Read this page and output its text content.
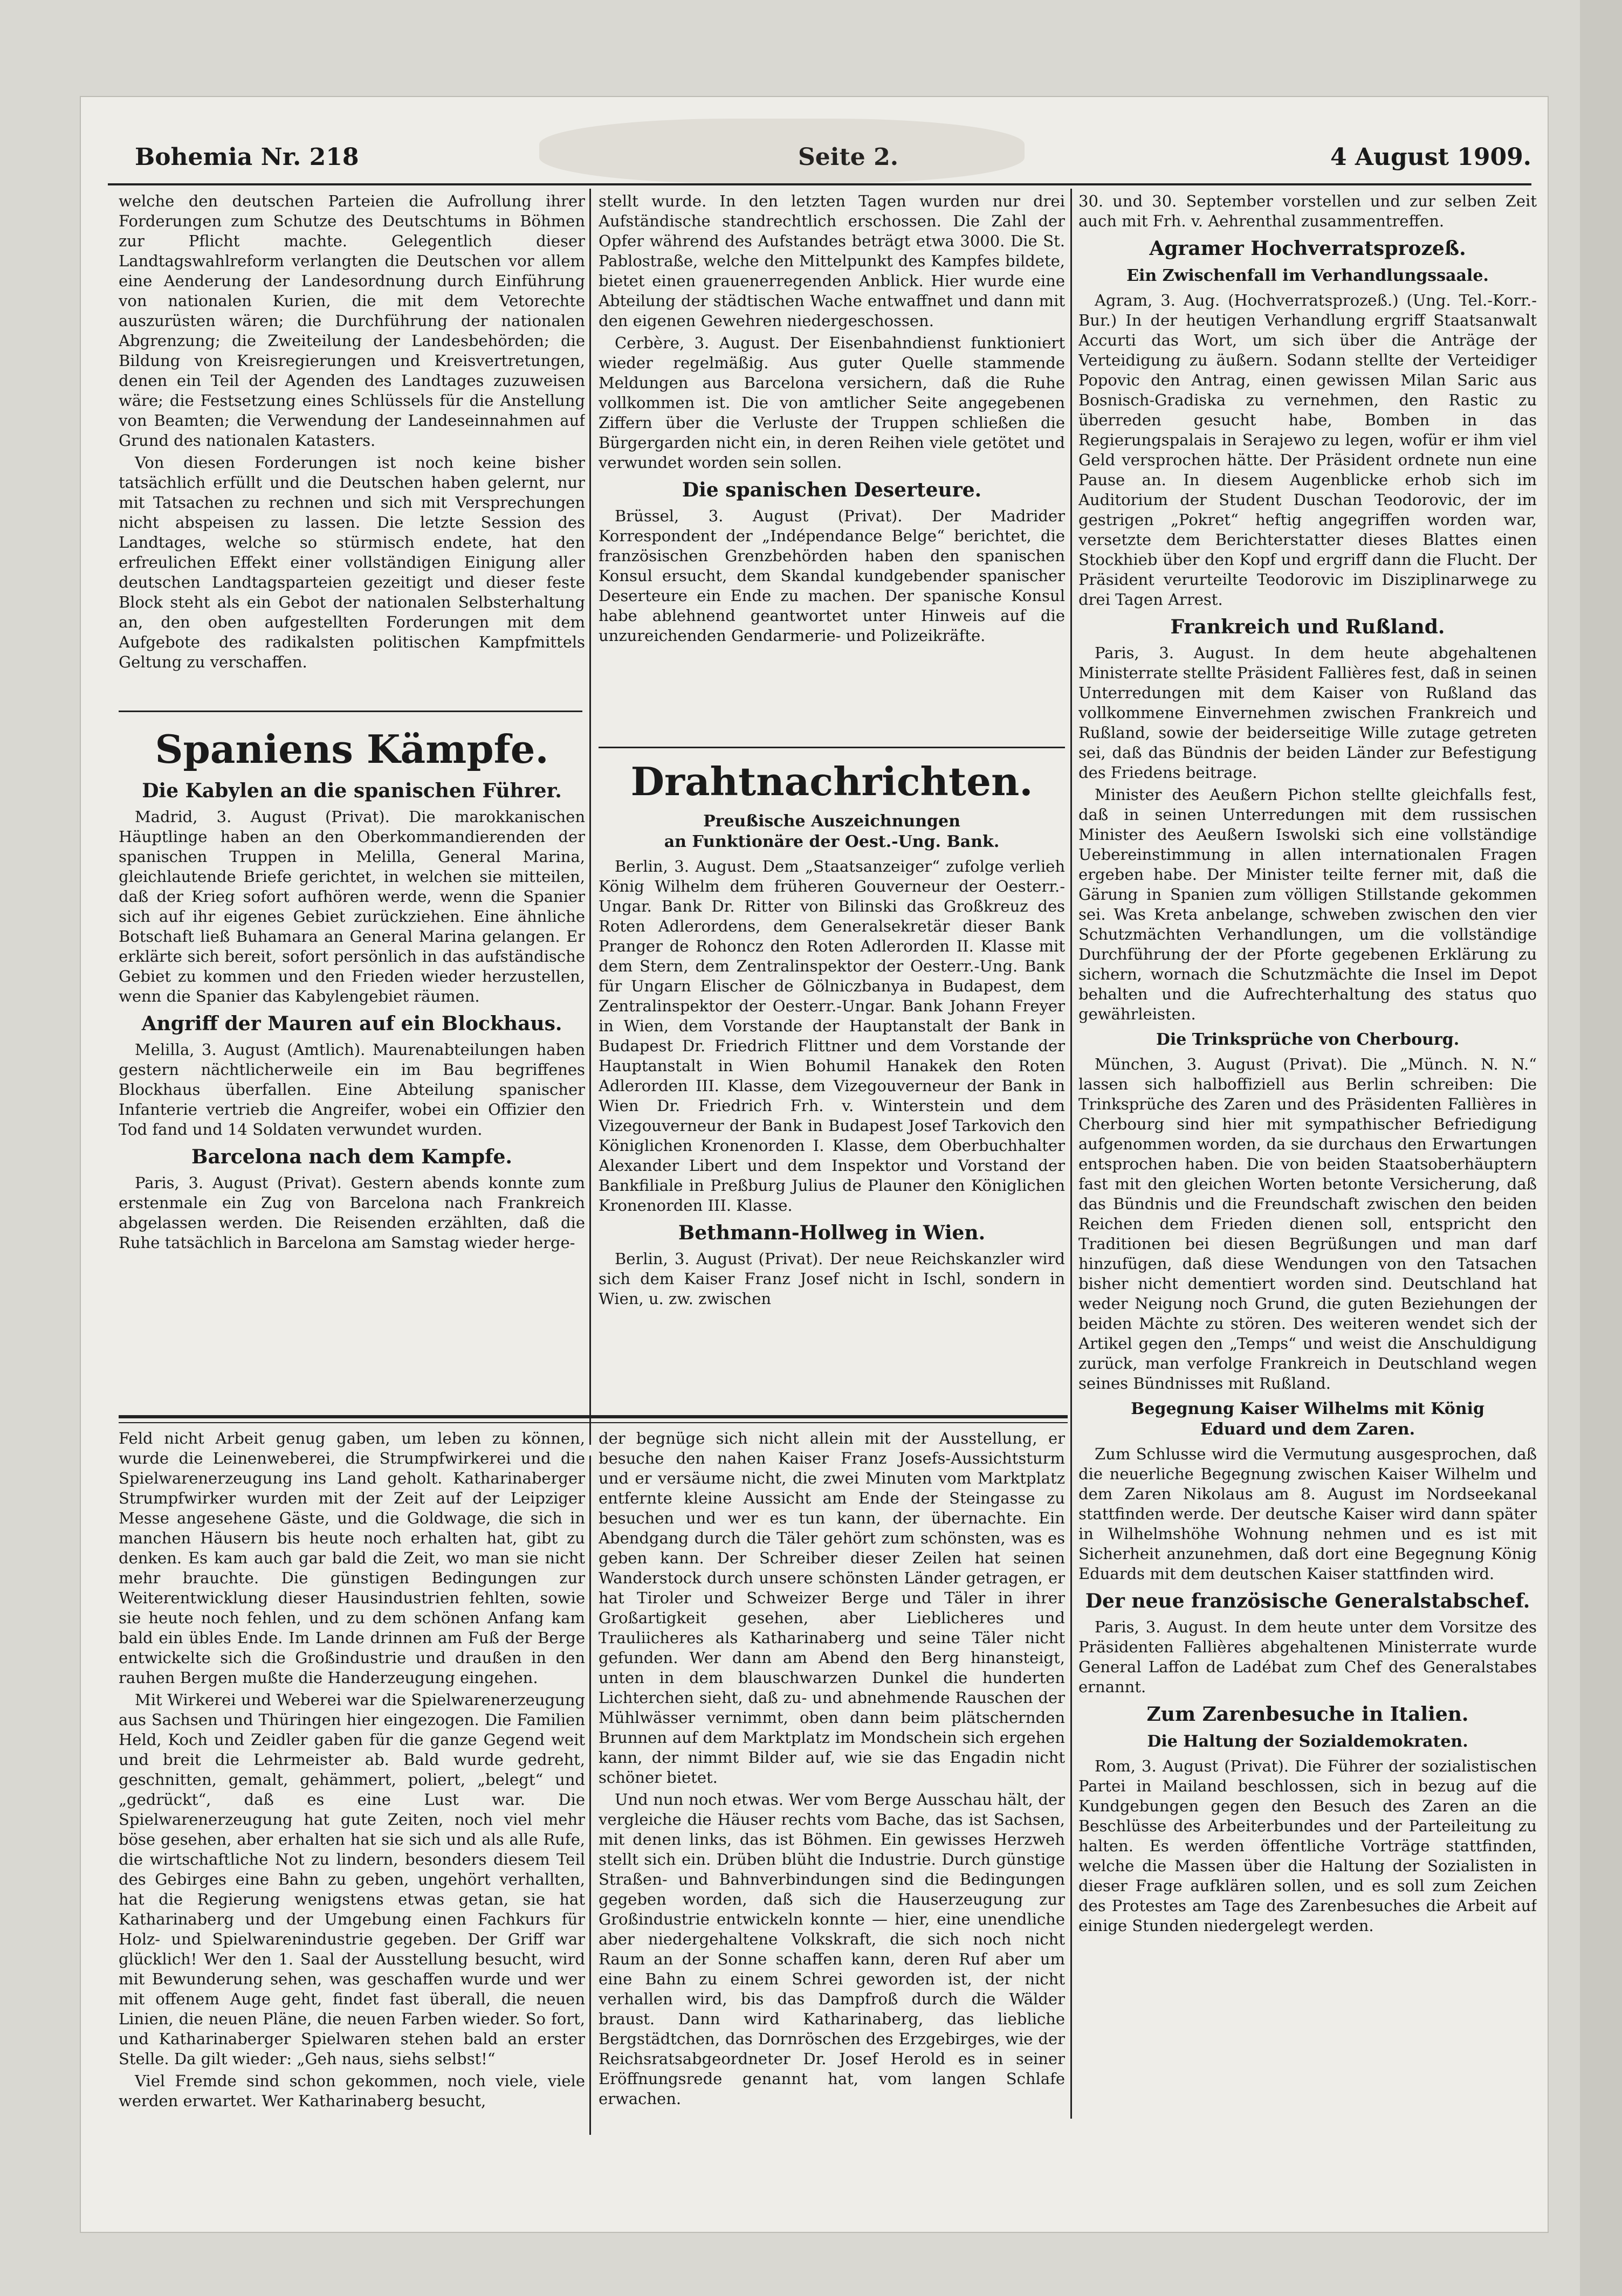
Bohemia Nr. 218	Seite 2.	4 August 1909.

welche den deutschen Parteien die Aufrollung ihrer Forderungen zum Schutze des Deutschtums in Böhmen zur Pflicht machte. Gelegentlich dieser Landtagswahlreform verlangten die Deutschen vor allem eine Aenderung der Landesordnung durch Einführung von nationalen Kurien, die mit dem Vetorechte auszurüsten wären; die Durchführung der nationalen Abgrenzung; die Zweiteilung der Landesbehörden; die Bildung von Kreisregierungen und Kreisvertretungen, denen ein Teil der Agenden des Landtages zuzuweisen wäre; die Festsetzung eines Schlüssels für die Anstellung von Beamten; die Verwendung der Landeseinnahmen auf Grund des nationalen Katasters.

Von diesen Forderungen ist noch keine bisher tatsächlich erfüllt und die Deutschen haben gelernt, nur mit Tatsachen zu rechnen und sich mit Versprechungen nicht abspeisen zu lassen. Die letzte Session des Landtages, welche so stürmisch endete, hat den erfreulichen Effekt einer vollständigen Einigung aller deutschen Landtagsparteien gezeitigt und dieser feste Block steht als ein Gebot der nationalen Selbsterhaltung an, den oben aufgestellten Forderungen mit dem Aufgebote des radikalsten politischen Kampfmittels Geltung zu verschaffen.

Spaniens Kämpfe.
Die Kabylen an die spanischen Führer.

Madrid, 3. August (Privat). Die marokkanischen Häuptlinge haben an den Oberkommandierenden der spanischen Truppen in Melilla, General Marina, gleichlautende Briefe gerichtet, in welchen sie mitteilen, daß der Krieg sofort aufhören werde, wenn die Spanier sich auf ihr eigenes Gebiet zurückziehen. Eine ähnliche Botschaft ließ Buhamara an General Marina gelangen. Er erklärte sich bereit, sofort persönlich in das aufständische Gebiet zu kommen und den Frieden wieder herzustellen, wenn die Spanier das Kabylengebiet räumen.

Angriff der Mauren auf ein Blockhaus.

Melilla, 3. August (Amtlich). Maurenabteilungen haben gestern nächtlicherweile ein im Bau begriffenes Blockhaus überfallen. Eine Abteilung spanischer Infanterie vertrieb die Angreifer, wobei ein Offizier den Tod fand und 14 Soldaten verwundet wurden.

Barcelona nach dem Kampfe.

Paris, 3. August (Privat). Gestern abends konnte zum erstenmale ein Zug von Barcelona nach Frankreich abgelassen werden. Die Reisenden erzählten, daß die Ruhe tatsächlich in Barcelona am Samstag wieder herge-

stellt wurde. In den letzten Tagen wurden nur drei Aufständische standrechtlich erschossen. Die Zahl der Opfer während des Aufstandes beträgt etwa 3000. Die St. Pablostraße, welche den Mittelpunkt des Kampfes bildete, bietet einen grauenerregenden Anblick. Hier wurde eine Abteilung der städtischen Wache entwaffnet und dann mit den eigenen Gewehren niedergeschossen.

Cerbère, 3. August. Der Eisenbahndienst funktioniert wieder regelmäßig. Aus guter Quelle stammende Meldungen aus Barcelona versichern, daß die Ruhe vollkommen ist. Die von amtlicher Seite angegebenen Ziffern über die Verluste der Truppen schließen die Bürgergarden nicht ein, in deren Reihen viele getötet und verwundet worden sein sollen.

Die spanischen Deserteure.

Brüssel, 3. August (Privat). Der Madrider Korrespondent der „Indépendance Belge“ berichtet, die französischen Grenzbehörden haben den spanischen Konsul ersucht, dem Skandal kundgebender spanischer Deserteure ein Ende zu machen. Der spanische Konsul habe ablehnend geantwortet unter Hinweis auf die unzureichenden Gendarmerie- und Polizeikräfte.

Drahtnachrichten.
Preußische Auszeichnungen
an Funktionäre der Oest.-Ung. Bank.

Berlin, 3. August. Dem „Staatsanzeiger“ zufolge verlieh König Wilhelm dem früheren Gouverneur der Oesterr.-Ungar. Bank Dr. Ritter von Bilinski das Großkreuz des Roten Adlerordens, dem Generalsekretär dieser Bank Pranger de Rohoncz den Roten Adlerorden II. Klasse mit dem Stern, dem Zentralinspektor der Oesterr.-Ung. Bank für Ungarn Elischer de Gölniczbanya in Budapest, dem Zentralinspektor der Oesterr.-Ungar. Bank Johann Freyer in Wien, dem Vorstande der Hauptanstalt der Bank in Budapest Dr. Friedrich Flittner und dem Vorstande der Hauptanstalt in Wien Bohumil Hanakek den Roten Adlerorden III. Klasse, dem Vizegouverneur der Bank in Wien Dr. Friedrich Frh. v. Winterstein und dem Vizegouverneur der Bank in Budapest Josef Tarkovich den Königlichen Kronenorden I. Klasse, dem Oberbuchhalter Alexander Libert und dem Inspektor und Vorstand der Bankfiliale in Preßburg Julius de Plauner den Königlichen Kronenorden III. Klasse.

Bethmann-Hollweg in Wien.

Berlin, 3. August (Privat). Der neue Reichskanzler wird sich dem Kaiser Franz Josef nicht in Ischl, sondern in Wien, u. zw. zwischen

30. und 30. September vorstellen und zur selben Zeit auch mit Frh. v. Aehrenthal zusammentreffen.

Agramer Hochverratsprozeß.
Ein Zwischenfall im Verhandlungssaale.

Agram, 3. Aug. (Hochverratsprozeß.) (Ung. Tel.-Korr.-Bur.) In der heutigen Verhandlung ergriff Staatsanwalt Accurti das Wort, um sich über die Anträge der Verteidigung zu äußern. Sodann stellte der Verteidiger Popovic den Antrag, einen gewissen Milan Saric aus Bosnisch-Gradiska zu vernehmen, den Rastic zu überreden gesucht habe, Bomben in das Regierungspalais in Serajewo zu legen, wofür er ihm viel Geld versprochen hätte. Der Präsident ordnete nun eine Pause an. In diesem Augenblicke erhob sich im Auditorium der Student Duschan Teodorovic, der im gestrigen „Pokret“ heftig angegriffen worden war, versetzte dem Berichterstatter dieses Blattes einen Stockhieb über den Kopf und ergriff dann die Flucht. Der Präsident verurteilte Teodorovic im Disziplinarwege zu drei Tagen Arrest.

Frankreich und Rußland.

Paris, 3. August. In dem heute abgehaltenen Ministerrate stellte Präsident Fallières fest, daß in seinen Unterredungen mit dem Kaiser von Rußland das vollkommene Einvernehmen zwischen Frankreich und Rußland, sowie der beiderseitige Wille zutage getreten sei, daß das Bündnis der beiden Länder zur Befestigung des Friedens beitrage.

Minister des Aeußern Pichon stellte gleichfalls fest, daß in seinen Unterredungen mit dem russischen Minister des Aeußern Iswolski sich eine vollständige Uebereinstimmung in allen internationalen Fragen ergeben habe. Der Minister teilte ferner mit, daß die Gärung in Spanien zum völligen Stillstande gekommen sei. Was Kreta anbelange, schweben zwischen den vier Schutzmächten Verhandlungen, um die vollständige Durchführung der der Pforte gegebenen Erklärung zu sichern, wornach die Schutzmächte die Insel im Depot behalten und die Aufrechterhaltung des status quo gewährleisten.

Die Trinksprüche von Cherbourg.

München, 3. August (Privat). Die „Münch. N. N.“ lassen sich halboffiziell aus Berlin schreiben: Die Trinksprüche des Zaren und des Präsidenten Fallières in Cherbourg sind hier mit sympathischer Befriedigung aufgenommen worden, da sie durchaus den Erwartungen entsprochen haben. Die von beiden Staatsoberhäuptern fast mit den gleichen Worten betonte Versicherung, daß das Bündnis und die Freundschaft zwischen den beiden Reichen dem Frieden dienen soll, entspricht den Traditionen bei diesen Begrüßungen und man darf hinzufügen, daß diese Wendungen von den Tatsachen bisher nicht dementiert worden sind. Deutschland hat weder Neigung noch Grund, die guten Beziehungen der beiden Mächte zu stören. Des weiteren wendet sich der Artikel gegen den „Temps“ und weist die Anschuldigung zurück, man verfolge Frankreich in Deutschland wegen seines Bündnisses mit Rußland.

Begegnung Kaiser Wilhelms mit König
Eduard und dem Zaren.

Zum Schlusse wird die Vermutung ausgesprochen, daß die neuerliche Begegnung zwischen Kaiser Wilhelm und dem Zaren Nikolaus am 8. August im Nordseekanal stattfinden werde. Der deutsche Kaiser wird dann später in Wilhelmshöhe Wohnung nehmen und es ist mit Sicherheit anzunehmen, daß dort eine Begegnung König Eduards mit dem deutschen Kaiser stattfinden wird.

Der neue französische Generalstabschef.

Paris, 3. August. In dem heute unter dem Vorsitze des Präsidenten Fallières abgehaltenen Ministerrate wurde General Laffon de Ladébat zum Chef des Generalstabes ernannt.

Zum Zarenbesuche in Italien.
Die Haltung der Sozialdemokraten.

Rom, 3. August (Privat). Die Führer der sozialistischen Partei in Mailand beschlossen, sich in bezug auf die Kundgebungen gegen den Besuch des Zaren an die Beschlüsse des Arbeiterbundes und der Parteileitung zu halten. Es werden öffentliche Vorträge stattfinden, welche die Massen über die Haltung der Sozialisten in dieser Frage aufklären sollen, und es soll zum Zeichen des Protestes am Tage des Zarenbesuches die Arbeit auf einige Stunden niedergelegt werden.

Feld nicht Arbeit genug gaben, um leben zu können, wurde die Leinenweberei, die Strumpfwirkerei und die Spielwarenerzeugung ins Land geholt. Katharinaberger Strumpfwirker wurden mit der Zeit auf der Leipziger Messe angesehene Gäste, und die Goldwage, die sich in manchen Häusern bis heute noch erhalten hat, gibt zu denken. Es kam auch gar bald die Zeit, wo man sie nicht mehr brauchte. Die günstigen Bedingungen zur Weiterentwicklung dieser Hausindustrien fehlten, sowie sie heute noch fehlen, und zu dem schönen Anfang kam bald ein übles Ende. Im Lande drinnen am Fuß der Berge entwickelte sich die Großindustrie und draußen in den rauhen Bergen mußte die Handerzeugung eingehen.

Mit Wirkerei und Weberei war die Spielwarenerzeugung aus Sachsen und Thüringen hier eingezogen. Die Familien Held, Koch und Zeidler gaben für die ganze Gegend weit und breit die Lehrmeister ab. Bald wurde gedreht, geschnitten, gemalt, gehämmert, poliert, „belegt“ und „gedrückt“, daß es eine Lust war. Die Spielwarenerzeugung hat gute Zeiten, noch viel mehr böse gesehen, aber erhalten hat sie sich und als alle Rufe, die wirtschaftliche Not zu lindern, besonders diesem Teil des Gebirges eine Bahn zu geben, ungehört verhallten, hat die Regierung wenigstens etwas getan, sie hat Katharinaberg und der Umgebung einen Fachkurs für Holz- und Spielwarenindustrie gegeben. Der Griff war glücklich! Wer den 1. Saal der Ausstellung besucht, wird mit Bewunderung sehen, was geschaffen wurde und wer mit offenem Auge geht, findet fast überall, die neuen Linien, die neuen Pläne, die neuen Farben wieder. So fort, und Katharinaberger Spielwaren stehen bald an erster Stelle. Da gilt wieder: „Geh naus, siehs selbst!“

Viel Fremde sind schon gekommen, noch viele, viele werden erwartet. Wer Katharinaberg besucht,

der begnüge sich nicht allein mit der Ausstellung, er besuche den nahen Kaiser Franz Josefs-Aussichtsturm und er versäume nicht, die zwei Minuten vom Marktplatz entfernte kleine Aussicht am Ende der Steingasse zu besuchen und wer es tun kann, der übernachte. Ein Abendgang durch die Täler gehört zum schönsten, was es geben kann. Der Schreiber dieser Zeilen hat seinen Wanderstock durch unsere schönsten Länder getragen, er hat Tiroler und Schweizer Berge und Täler in ihrer Großartigkeit gesehen, aber Lieblicheres und Trauliicheres als Katharinaberg und seine Täler nicht gefunden. Wer dann am Abend den Berg hinansteigt, unten in dem blauschwarzen Dunkel die hunderten Lichterchen sieht, daß zu- und abnehmende Rauschen der Mühlwässer vernimmt, oben dann beim plätschernden Brunnen auf dem Marktplatz im Mondschein sich ergehen kann, der nimmt Bilder auf, wie sie das Engadin nicht schöner bietet.

Und nun noch etwas. Wer vom Berge Ausschau hält, der vergleiche die Häuser rechts vom Bache, das ist Sachsen, mit denen links, das ist Böhmen. Ein gewisses Herzweh stellt sich ein. Drüben blüht die Industrie. Durch günstige Straßen- und Bahnverbindungen sind die Bedingungen gegeben worden, daß sich die Hauserzeugung zur Großindustrie entwickeln konnte — hier, eine unendliche aber niedergehaltene Volkskraft, die sich noch nicht Raum an der Sonne schaffen kann, deren Ruf aber um eine Bahn zu einem Schrei geworden ist, der nicht verhallen wird, bis das Dampfroß durch die Wälder braust. Dann wird Katharinaberg, das liebliche Bergstädtchen, das Dornröschen des Erzgebirges, wie der Reichsratsabgeordneter Dr. Josef Herold es in seiner Eröffnungsrede genannt hat, vom langen Schlafe erwachen.
